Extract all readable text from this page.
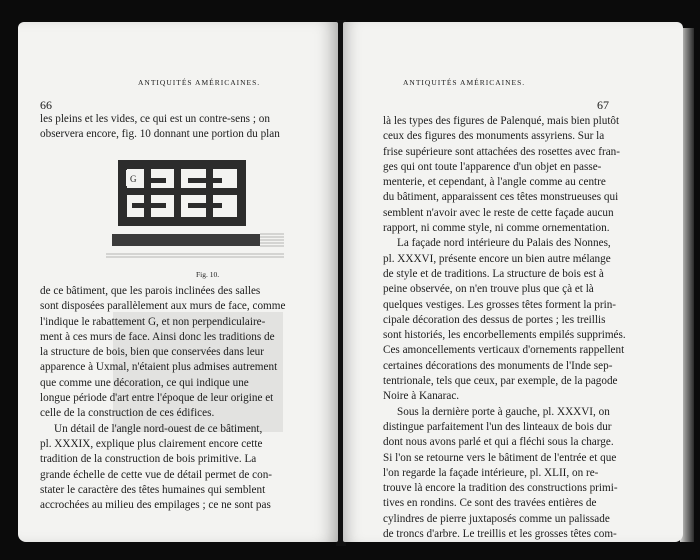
66
ANTIQUITÉS AMÉRICAINES.
les pleins et les vides, ce qui est un contre-sens ; on
observera encore, fig. 10 donnant une portion du plan
G
Fig. 10.
de ce bâtiment, que les parois inclinées des salles
sont disposées parallèlement aux murs de face, comme
l'indique le rabattement G, et non perpendiculaire-
ment à ces murs de face. Ainsi donc les traditions de
la structure de bois, bien que conservées dans leur
apparence à Uxmal, n'étaient plus admises autrement
que comme une décoration, ce qui indique une
longue période d'art entre l'époque de leur origine et
celle de la construction de ces édifices.
Un détail de l'angle nord-ouest de ce bâtiment,
pl. XXXIX, explique plus clairement encore cette
tradition de la construction de bois primitive. La
grande échelle de cette vue de détail permet de con-
stater le caractère des têtes humaines qui semblent
accrochées au milieu des empilages ; ce ne sont pas
ANTIQUITÉS AMÉRICAINES.
67
là les types des figures de Palenqué, mais bien plutôt
ceux des figures des monuments assyriens. Sur la
frise supérieure sont attachées des rosettes avec fran-
ges qui ont toute l'apparence d'un objet en passe-
menterie, et cependant, à l'angle comme au centre
du bâtiment, apparaissent ces têtes monstrueuses qui
semblent n'avoir avec le reste de cette façade aucun
rapport, ni comme style, ni comme ornementation.
La façade nord intérieure du Palais des Nonnes,
pl. XXXVI, présente encore un bien autre mélange
de style et de traditions. La structure de bois est à
peine observée, on n'en trouve plus que çà et là
quelques vestiges. Les grosses têtes forment la prin-
cipale décoration des dessus de portes ; les treillis
sont historiés, les encorbellements empilés supprimés.
Ces amoncellements verticaux d'ornements rappellent
certaines décorations des monuments de l'Inde sep-
tentrionale, tels que ceux, par exemple, de la pagode
Noire à Kanarac.
Sous la dernière porte à gauche, pl. XXXVI, on
distingue parfaitement l'un des linteaux de bois dur
dont nous avons parlé et qui a fléchi sous la charge.
Si l'on se retourne vers le bâtiment de l'entrée et que
l'on regarde la façade intérieure, pl. XLII, on re-
trouve là encore la tradition des constructions primi-
tives en rondins. Ce sont des travées entières de
cylindres de pierre juxtaposés comme un palissade
de troncs d'arbre. Le treillis et les grosses têtes com-
